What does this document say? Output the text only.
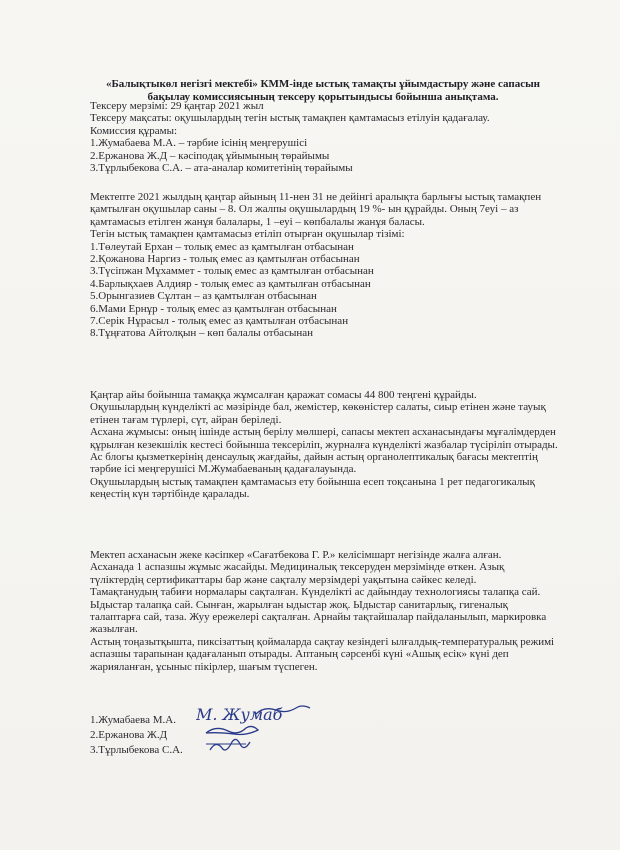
«Балықтыкөл негізгі мектебі» КММ-інде ыстық тамақты ұйымдастыру және сапасын бақылау комиссиясының тексеру қорытындысы бойынша анықтама.

Тексеру мерзімі: 29 қаңтар 2021 жыл

Тексеру мақсаты: оқушылардың тегін ыстық тамақпен қамтамасыз етілуін қадағалау.

Комиссия құрамы:

1.Жумабаева М.А. – тәрбие ісінің меңгерушісі

2.Ержанова Ж.Д – кәсіподақ ұйымының төрайымы

3.Тұрлыбекова С.А. – ата-аналар комитетінің төрайымы

Мектепте 2021 жылдың қаңтар айының 11-нен 31 не дейінгі аралықта барлығы ыстық тамақпен қамтылған оқушылар саны – 8. Ол жалпы оқушылардың 19 %- ын құрайды. Оның 7еуі – аз қамтамасыз етілген жанұя балалары, 1 –еуі – көпбалалы жанұя баласы.

Тегін ыстық тамақпен қамтамасыз етіліп отырған оқушылар тізімі:

1.Төлеутай Ерхан – толық емес аз қамтылған отбасынан

2.Қожанова Наргиз - толық емес аз қамтылған отбасынан

3.Түсіпжан Мұхаммет - толық емес аз қамтылған отбасынан

4.Барлықхаев Алдияр - толық емес аз қамтылған отбасынан

5.Орынгазиев Сұлтан – аз қамтылған отбасынан

6.Мами Ернұр - толық емес аз қамтылған отбасынан

7.Серік Нұрасыл - толық емес аз қамтылған отбасынан

8.Тұңғатова Айтолқын – көп балалы отбасынан

Қаңтар айы бойынша тамаққа жұмсалған қаражат сомасы 44 800 теңгені құрайды.

Оқушылардың күнделікті ас мәзірінде бал, жемістер, көкөністер салаты, сиыр етінен және тауық етінен тағам түрлері, сүт, айран беріледі.

Асхана жұмысы: оның ішінде астың берілу мөлшері, сапасы мектеп асханасындағы мұғалімдерден құрылған кезекшілік кестесі бойынша тексеріліп, журналға күнделікті жазбалар түсіріліп отырады.

Ас блогы қызметкерінің денсаулық жағдайы, дайын астың органолептикалық бағасы мектептің тәрбие ісі меңгерушісі М.Жумабаеваның қадағалауында.

Оқушылардың ыстық тамақпен қамтамасыз ету бойынша есеп тоқсанына 1 рет педагогикалық кеңестің күн тәртібінде қаралады.

Мектеп асханасын жеке кәсіпкер «Сағатбекова Г. Р.» келісімшарт негізінде жалға алған.

Асханада 1 аспазшы жұмыс жасайды. Медициналық тексеруден мерзімінде өткен. Азық түліктердің сертификаттары бар және сақталу мерзімдері уақытына сәйкес келеді.

Тамақтанудың табиғи нормалары сақталған. Күнделікті ас дайындау технологиясы талапқа сай. Ыдыстар талапқа сай. Сынған, жарылған ыдыстар жоқ. Ыдыстар санитарлық, гигеналық талаптарға сай, таза. Жуу ережелері сақталған. Арнайы тақтайшалар пайдаланылып, маркировка жазылған.

Астың тоңазытқышта, пиксізаттың қоймаларда сақтау кезіндегі ылғалдық-температуралық режимі аспазшы тарапынан қадағаланып отырады. Аптаның сәрсенбі күні «Ашық есік» күні деп жарияланған, ұсыныс пікірлер, шағым түспеген.

1.Жумабаева М.А.

2.Ержанова Ж.Д

3.Тұрлыбекова С.А.

М. Жумаб
